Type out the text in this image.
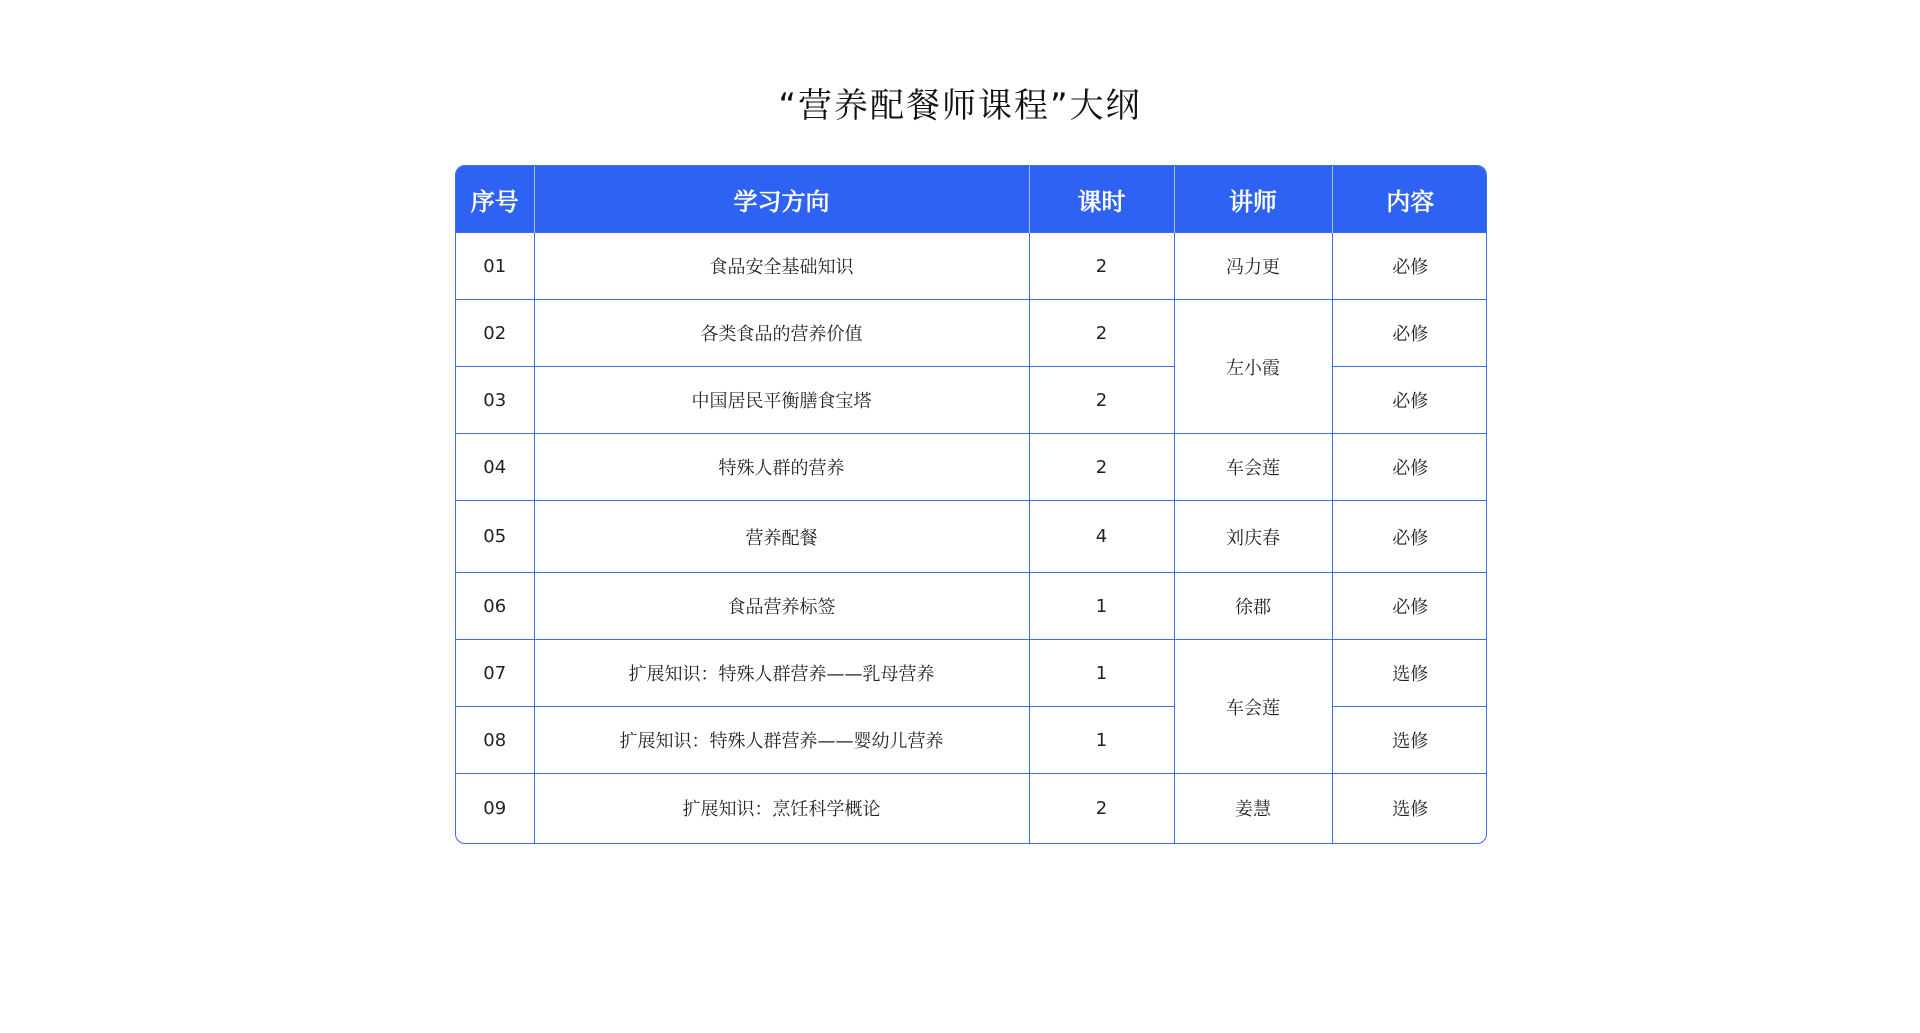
“营养配餐师课程”大纲
序号	学习方向	课时	讲师	内容
01	食品安全基础知识	2	冯力更	必修
02	各类食品的营养价值	2	左小霞	必修
03	中国居民平衡膳食宝塔	2		必修
04	特殊人群的营养	2	车会莲	必修
05	营养配餐	4	刘庆春	必修
06	食品营养标签	1	徐郡	必修
07	扩展知识：特殊人群营养——乳母营养	1	车会莲	选修
08	扩展知识：特殊人群营养——婴幼儿营养	1		选修
09	扩展知识：烹饪科学概论	2	姜慧	选修
